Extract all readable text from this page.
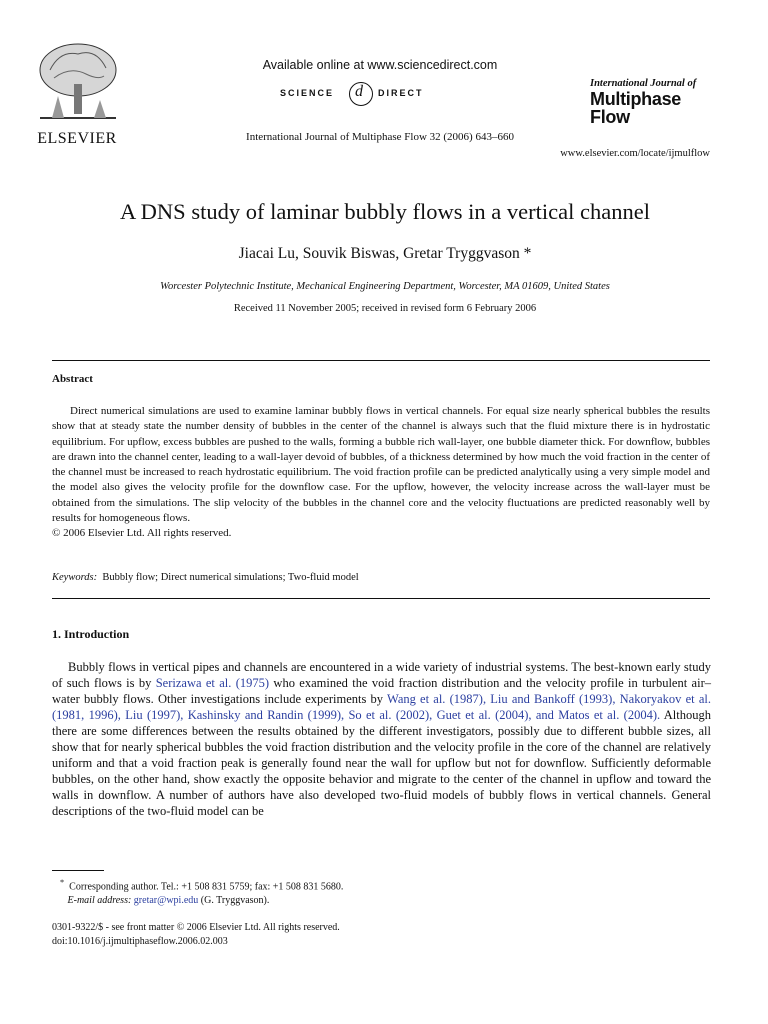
ELSEVIER
Available online at www.sciencedirect.com
SCIENCE d DIRECT
International Journal of Multiphase Flow 32 (2006) 643–660
International Journal of
Multiphase
Flow
www.elsevier.com/locate/ijmulflow
A DNS study of laminar bubbly flows in a vertical channel
Jiacai Lu, Souvik Biswas, Gretar Tryggvason *
Worcester Polytechnic Institute, Mechanical Engineering Department, Worcester, MA 01609, United States
Received 11 November 2005; received in revised form 6 February 2006
Abstract

Direct numerical simulations are used to examine laminar bubbly flows in vertical channels. For equal size nearly spherical bubbles the results show that at steady state the number density of bubbles in the center of the channel is always such that the fluid mixture there is in hydrostatic equilibrium. For upflow, excess bubbles are pushed to the walls, forming a bubble rich wall-layer, one bubble diameter thick. For downflow, bubbles are drawn into the channel center, leading to a wall-layer devoid of bubbles, of a thickness determined by how much the void fraction in the center of the channel must be increased to reach hydrostatic equilibrium. The void fraction profile can be predicted analytically using a very simple model and the model also gives the velocity profile for the downflow case. For the upflow, however, the velocity increase across the wall-layer must be obtained from the simulations. The slip velocity of the bubbles in the channel core and the velocity fluctuations are predicted reasonably well by results for homogeneous flows.

© 2006 Elsevier Ltd. All rights reserved.
Keywords: Bubbly flow; Direct numerical simulations; Two-fluid model
1. Introduction

Bubbly flows in vertical pipes and channels are encountered in a wide variety of industrial systems. The best-known early study of such flows is by Serizawa et al. (1975) who examined the void fraction distribution and the velocity profile in turbulent air–water bubbly flows. Other investigations include experiments by Wang et al. (1987), Liu and Bankoff (1993), Nakoryakov et al. (1981, 1996), Liu (1997), Kashinsky and Randin (1999), So et al. (2002), Guet et al. (2004), and Matos et al. (2004). Although there are some differences between the results obtained by the different investigators, possibly due to different bubble sizes, all show that for nearly spherical bubbles the void fraction distribution and the velocity profile in the core of the channel are relatively uniform and that a void fraction peak is generally found near the wall for upflow but not for downflow. Sufficiently deformable bubbles, on the other hand, show exactly the opposite behavior and migrate to the center of the channel in upflow and toward the walls in downflow. A number of authors have also developed two-fluid models of bubbly flows in vertical channels. General descriptions of the two-fluid model can be

* Corresponding author. Tel.: +1 508 831 5759; fax: +1 508 831 5680.
E-mail address: gretar@wpi.edu (G. Tryggvason).
0301-9322/$ - see front matter © 2006 Elsevier Ltd. All rights reserved.
doi:10.1016/j.ijmultiphaseflow.2006.02.003
